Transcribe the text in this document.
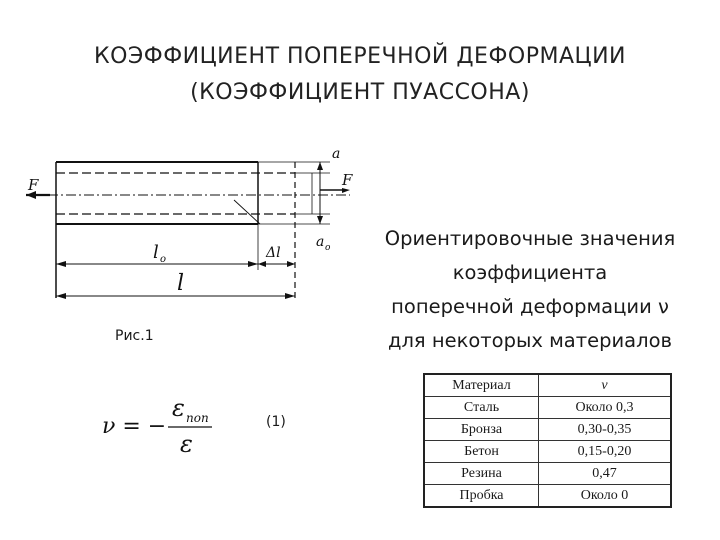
КОЭФФИЦИЕНТ ПОПЕРЕЧНОЙ ДЕФОРМАЦИИ
(КОЭФФИЦИЕНТ ПУАССОНА)
F	F
a
a o
l o
l
Δl
Рис.1
ν = −
ε поп
ε
(1)
Ориентировочные значения
коэффициента
поперечной деформации ν
для некоторых материалов
Материал	ν
Сталь	Около 0,3
Бронза	0,30-0,35
Бетон	0,15-0,20
Резина	0,47
Пробка	Около 0
